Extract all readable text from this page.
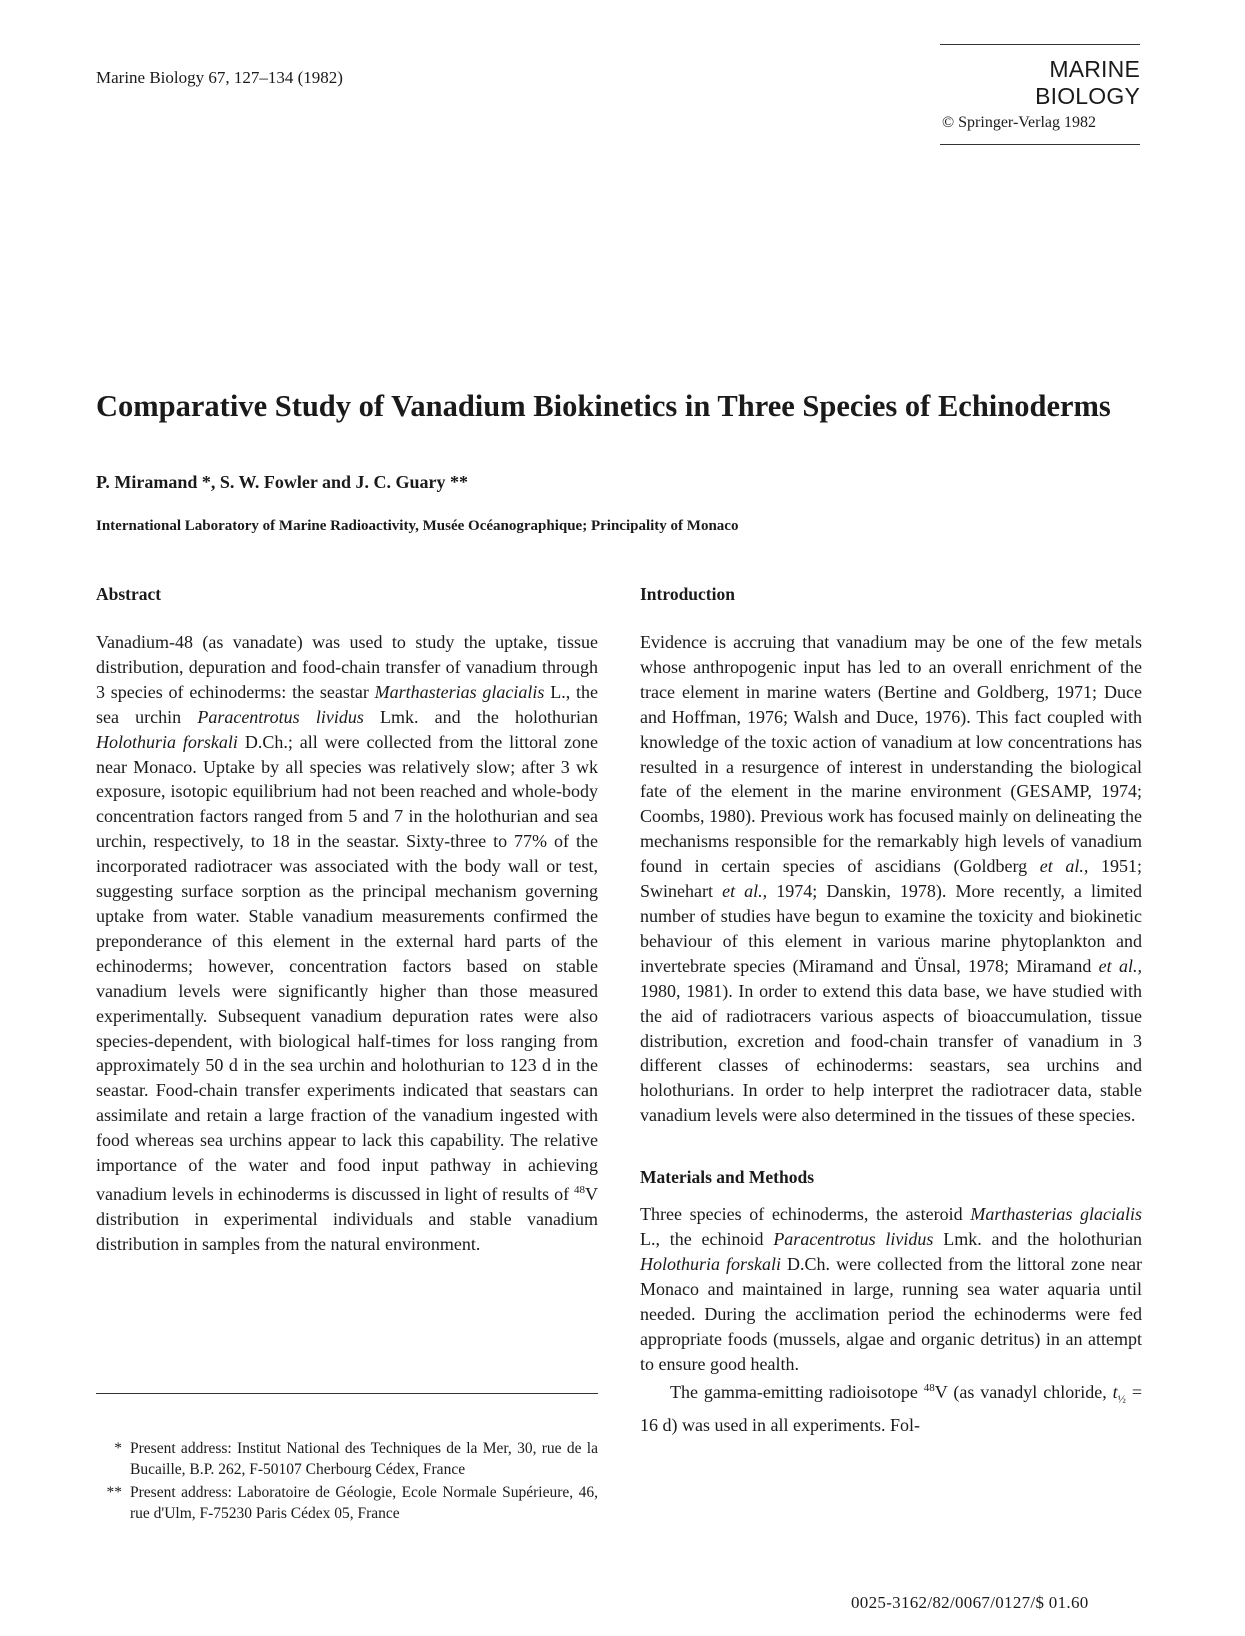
Marine Biology 67, 127–134 (1982)	MARINE BIOLOGY
© Springer-Verlag 1982
Comparative Study of Vanadium Biokinetics in Three Species of Echinoderms
P. Miramand *, S. W. Fowler and J. C. Guary **
International Laboratory of Marine Radioactivity, Musée Océanographique; Principality of Monaco
Abstract

Vanadium-48 (as vanadate) was used to study the uptake, tissue distribution, depuration and food-chain transfer of vanadium through 3 species of echinoderms: the seastar Marthasterias glacialis L., the sea urchin Paracentrotus lividus Lmk. and the holothurian Holothuria forskali D.Ch.; all were collected from the littoral zone near Monaco. Uptake by all species was relatively slow; after 3 wk exposure, isotopic equilibrium had not been reached and whole-body concentration factors ranged from 5 and 7 in the holothurian and sea urchin, respectively, to 18 in the seastar. Sixty-three to 77% of the incorporated radiotracer was associated with the body wall or test, suggesting surface sorption as the principal mechanism governing uptake from water. Stable vanadium measurements confirmed the preponderance of this element in the external hard parts of the echinoderms; however, concentration factors based on stable vanadium levels were significantly higher than those measured experimentally. Subsequent vanadium depuration rates were also species-dependent, with biological half-times for loss ranging from approximately 50 d in the sea urchin and holothurian to 123 d in the seastar. Food-chain transfer experiments indicated that seastars can assimilate and retain a large fraction of the vanadium ingested with food whereas sea urchins appear to lack this capability. The relative importance of the water and food input pathway in achieving vanadium levels in echinoderms is discussed in light of results of $^{48}$V distribution in experimental individuals and stable vanadium distribution in samples from the natural environment.

Introduction

Evidence is accruing that vanadium may be one of the few metals whose anthropogenic input has led to an overall enrichment of the trace element in marine waters (Bertine and Goldberg, 1971; Duce and Hoffman, 1976; Walsh and Duce, 1976). This fact coupled with knowledge of the toxic action of vanadium at low concentrations has resulted in a resurgence of interest in understanding the biological fate of the element in the marine environment (GESAMP, 1974; Coombs, 1980). Previous work has focused mainly on delineating the mechanisms responsible for the remarkably high levels of vanadium found in certain species of ascidians (Goldberg et al., 1951; Swinehart et al., 1974; Danskin, 1978). More recently, a limited number of studies have begun to examine the toxicity and biokinetic behaviour of this element in various marine phytoplankton and invertebrate species (Miramand and Ünsal, 1978; Miramand et al., 1980, 1981). In order to extend this data base, we have studied with the aid of radiotracers various aspects of bioaccumulation, tissue distribution, excretion and food-chain transfer of vanadium in 3 different classes of echinoderms: seastars, sea urchins and holothurians. In order to help interpret the radiotracer data, stable vanadium levels were also determined in the tissues of these species.

Materials and Methods

Three species of echinoderms, the asteroid Marthasterias glacialis L., the echinoid Paracentrotus lividus Lmk. and the holothurian Holothuria forskali D.Ch. were collected from the littoral zone near Monaco and maintained in large, running sea water aquaria until needed. During the acclimation period the echinoderms were fed appropriate foods (mussels, algae and organic detritus) in an attempt to ensure good health.

The gamma-emitting radioisotope $^{48}$V (as vanadyl chloride, $t_{\frac{1}{2}} = 16$ d) was used in all experiments. Fol-

* Present address: Institut National des Techniques de la Mer, 30, rue de la Bucaille, B.P. 262, F-50107 Cherbourg Cédex, France
** Present address: Laboratoire de Géologie, Ecole Normale Supérieure, 46, rue d'Ulm, F-75230 Paris Cédex 05, France
0025-3162/82/0067/0127/$ 01.60
